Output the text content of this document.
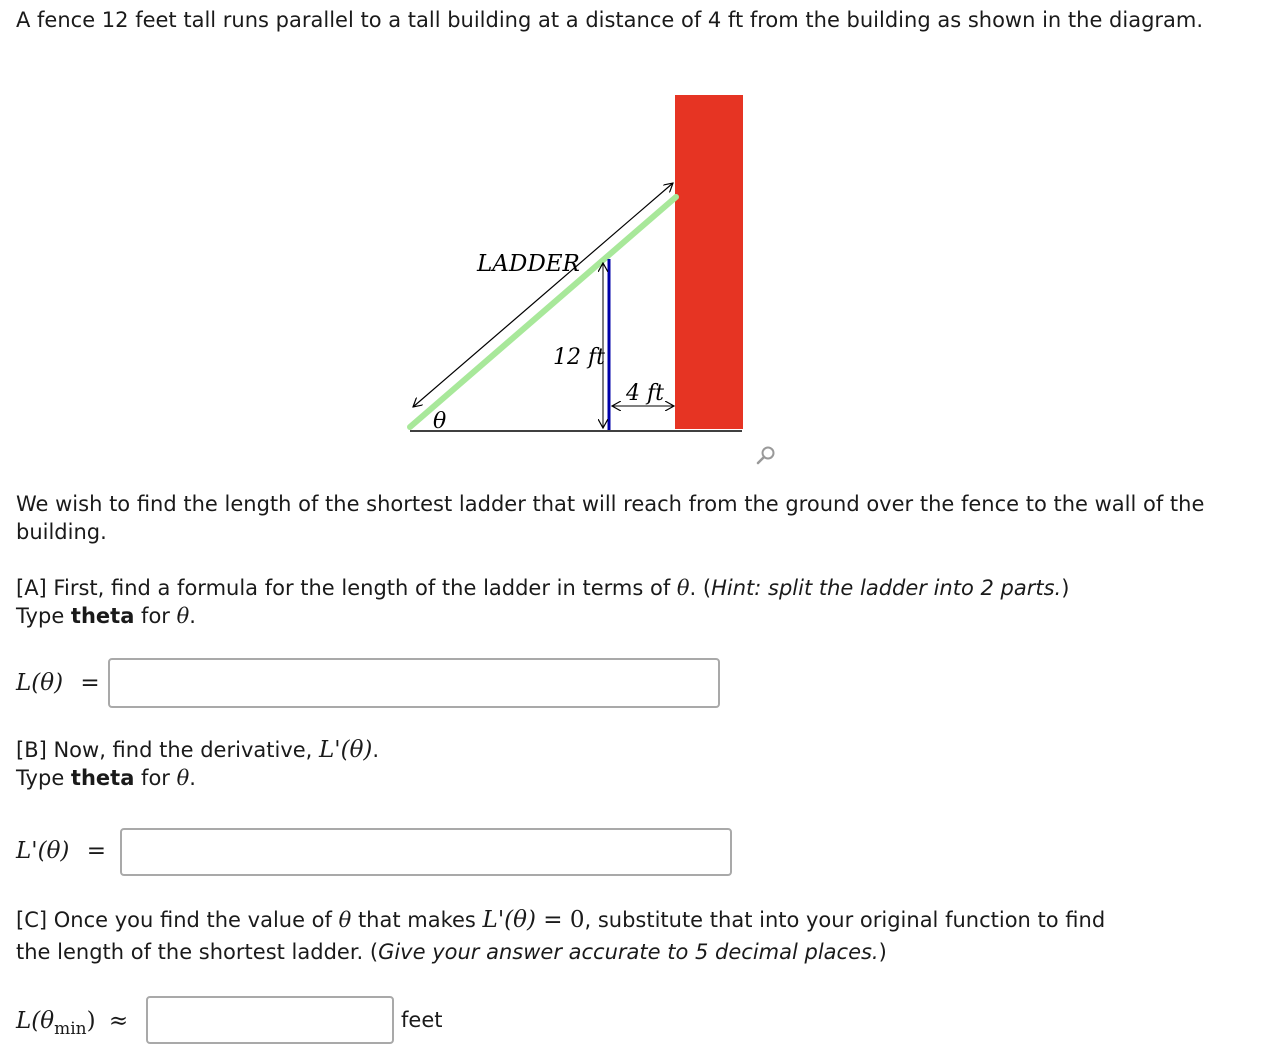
A fence 12 feet tall runs parallel to a tall building at a distance of 4 ft from the building as shown in the diagram.

LADDER
12 ft
4 ft
θ

We wish to find the length of the shortest ladder that will reach from the ground over the fence to the wall of the building.

[A] First, find a formula for the length of the ladder in terms of θ. (Hint: split the ladder into 2 parts.)
Type theta for θ.
L(θ) =
[B] Now, find the derivative, L'(θ).
Type theta for θ.
L'(θ) =
[C] Once you find the value of θ that makes L'(θ) = 0, substitute that into your original function to find the length of the shortest ladder. (Give your answer accurate to 5 decimal places.)
$L(\theta_{min})$ ≈	feet
